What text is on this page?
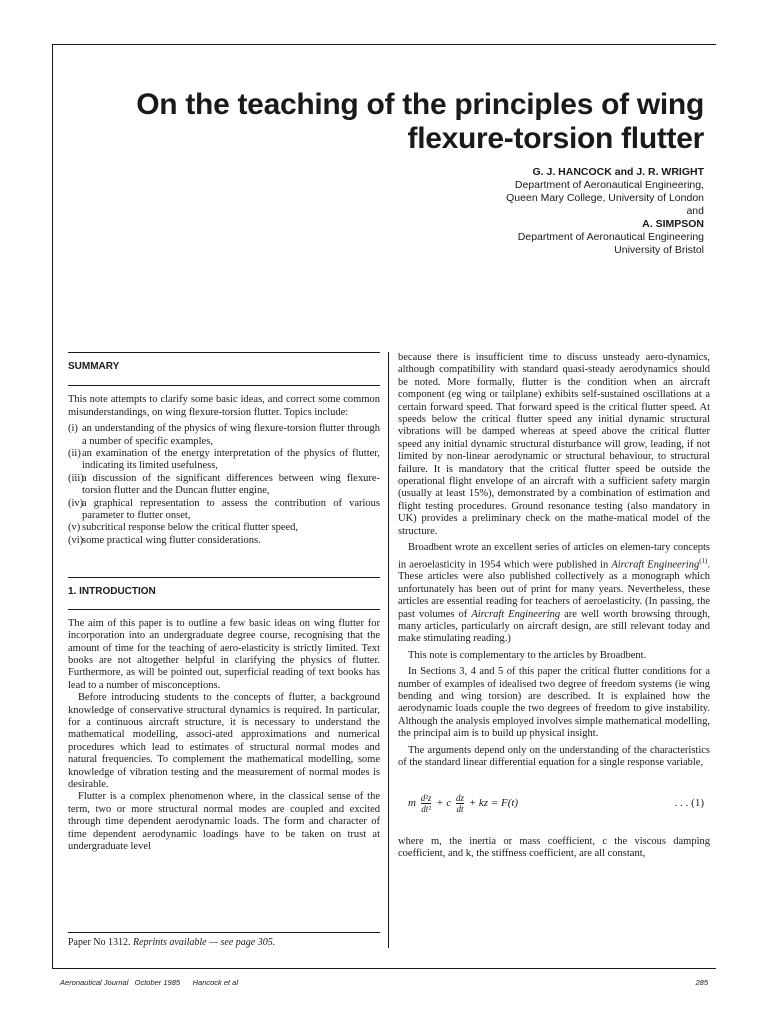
On the teaching of the principles of wing
flexure-torsion flutter
G. J. HANCOCK and J. R. WRIGHT
Department of Aeronautical Engineering,
Queen Mary College, University of London
and
A. SIMPSON
Department of Aeronautical Engineering
University of Bristol
SUMMARY

This note attempts to clarify some basic ideas, and correct some common misunderstandings, on wing flexure-torsion flutter. Topics include:

(i) an understanding of the physics of wing flexure-torsion flutter through a number of specific examples,
(ii) an examination of the energy interpretation of the physics of flutter, indicating its limited usefulness,
(iii)
a discussion of the significant differences between wing flexure-torsion flutter and the Duncan flutter engine,
(iv)
a graphical representation to assess the contribution of various parameter to flutter onset,
(v) subcritical response below the critical flutter speed,
(vi)
some practical wing flutter considerations.
1. INTRODUCTION

The aim of this paper is to outline a few basic ideas on wing flutter for incorporation into an undergraduate degree course, recognising that the amount of time for the teaching of aero-elasticity is strictly limited. Text books are not altogether helpful in clarifying the physics of flutter. Furthermore, as will be pointed out, superficial reading of text books has lead to a number of misconceptions.

Before introducing students to the concepts of flutter, a background knowledge of conservative structural dynamics is required. In particular, for a continuous aircraft structure, it is necessary to understand the mathematical modelling, associ-ated approximations and numerical procedures which lead to estimates of structural normal modes and natural frequencies. To complement the mathematical modelling, some knowledge of vibration testing and the measurement of normal modes is desirable.

Flutter is a complex phenomenon where, in the classical sense of the term, two or more structural normal modes are coupled and excited through time dependent aerodynamic loads. The form and character of time dependent aerodynamic loadings have to be taken on trust at undergraduate level

Paper No 1312. Reprints available — see page 305.

because there is insufficient time to discuss unsteady aero-dynamics, although compatibility with standard quasi-steady aerodynamics should be noted. More formally, flutter is the condition when an aircraft component (eg wing or tailplane) exhibits self-sustained oscillations at a certain forward speed. That forward speed is the critical flutter speed. At speeds below the critical flutter speed any initial dynamic structural vibrations will be damped whereas at speed above the critical flutter speed any initial dynamic structural disturbance will grow, leading, if not limited by non-linear aerodynamic or structural behaviour, to structural failure. It is mandatory that the critical flutter speed be outside the operational flight envelope of an aircraft with a sufficient safety margin (usually at least 15%), demonstrated by a combination of estimation and flight testing procedures. Ground resonance testing (also mandatory in UK) provides a preliminary check on the mathe-matical model of the structure.

Broadbent wrote an excellent series of articles on elemen-tary concepts in aeroelasticity in 1954 which were published in Aircraft Engineering$^{(1)}$. These articles were also published collectively as a monograph which unfortunately has been out of print for many years. Nevertheless, these articles are essential reading for teachers of aeroelasticity. (In passing, the past volumes of Aircraft Engineering are well worth browsing through, many articles, particularly on aircraft design, are still relevant today and make stimulating reading.)

This note is complementary to the articles by Broadbent.

In Sections 3, 4 and 5 of this paper the critical flutter conditions for a number of examples of idealised two degree of freedom systems (ie wing bending and wing torsion) are described. It is explained how the aerodynamic loads couple the two degrees of freedom to give instability. Although the analysis employed involves simple mathematical modelling, the principal aim is to build up physical insight.

The arguments depend only on the understanding of the characteristics of the standard linear differential equation for a single response variable,

m $\frac{\text{d²z}}{\text{dt²}} + c \frac{dz}{dt}$ + kz = F(t)	. . . (1)

where m, the inertia or mass coefficient, c the viscous damping coefficient, and k, the stiffness coefficient, are all constant,

Aeronautical Journal   October 1985      Hancock et al	285
